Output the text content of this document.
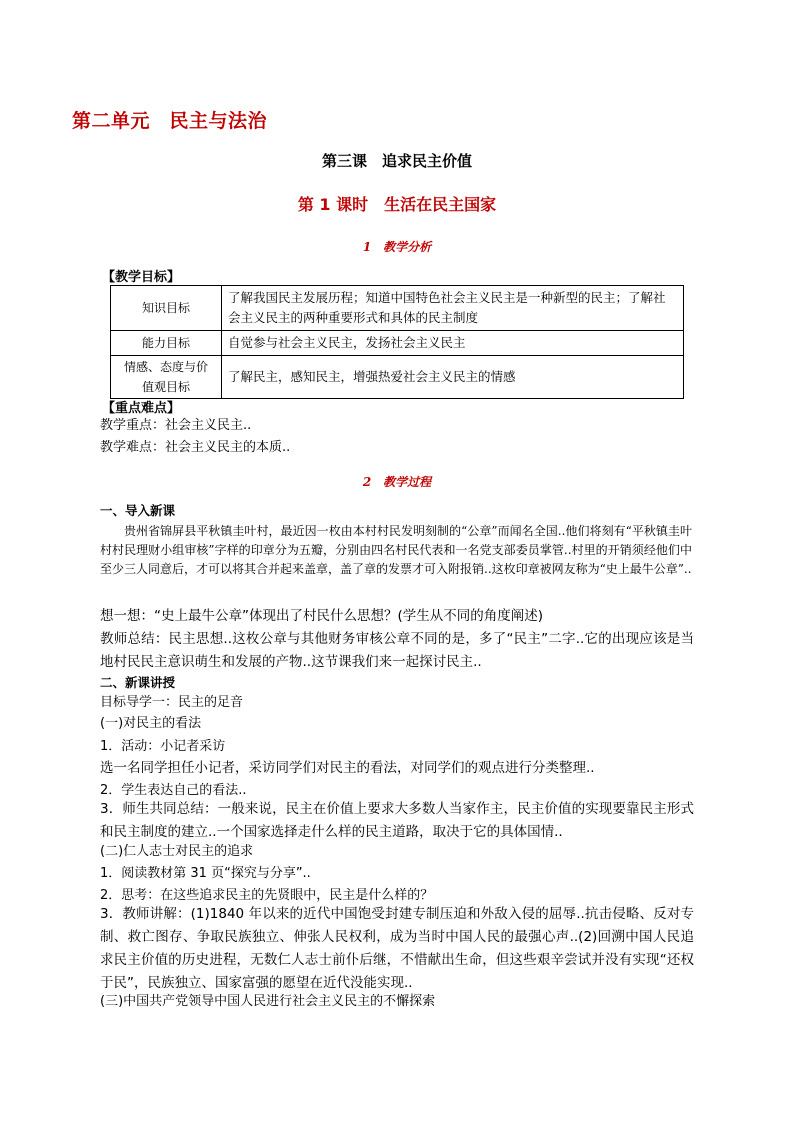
第二单元　民主与法治
第三课　追求民主价值
第 1 课时　生活在民主国家
1　教学分析
【教学目标】
知识目标	了解我国民主发展历程；知道中国特色社会主义民主是一种新型的民主；了解社会主义民主的两种重要形式和具体的民主制度
能力目标	自觉参与社会主义民主，发扬社会主义民主
情感、态度与价值观目标	了解民主，感知民主，增强热爱社会主义民主的情感
【重点难点】
教学重点：社会主义民主..
教学难点：社会主义民主的本质..
2　教学过程
一、导入新课
贵州省锦屏县平秋镇圭叶村，最近因一枚由本村村民发明刻制的“公章”而闻名全国..他们将刻有“平秋镇圭叶村村民理财小组审核”字样的印章分为五瓣，分别由四名村民代表和一名党支部委员掌管..村里的开销须经他们中至少三人同意后，才可以将其合并起来盖章，盖了章的发票才可入附报销..这枚印章被网友称为“史上最牛公章”..
想一想：“史上最牛公章”体现出了村民什么思想？(学生从不同的角度阐述)
教师总结：民主思想..这枚公章与其他财务审核公章不同的是，多了“民主”二字..它的出现应该是当地村民民主意识萌生和发展的产物..这节课我们来一起探讨民主..
二、新课讲授
目标导学一：民主的足音
(一)对民主的看法
1．活动：小记者采访
选一名同学担任小记者，采访同学们对民主的看法，对同学们的观点进行分类整理..
2．学生表达自己的看法..
3．师生共同总结：一般来说，民主在价值上要求大多数人当家作主，民主价值的实现要靠民主形式和民主制度的建立..一个国家选择走什么样的民主道路，取决于它的具体国情..
(二)仁人志士对民主的追求
1．阅读教材第 31 页“探究与分享”..
2．思考：在这些追求民主的先贤眼中，民主是什么样的？
3．教师讲解：(1)1840 年以来的近代中国饱受封建专制压迫和外敌入侵的屈辱..抗击侵略、反对专制、救亡图存、争取民族独立、伸张人民权利，成为当时中国人民的最强心声..(2)回溯中国人民追求民主价值的历史进程，无数仁人志士前仆后继，不惜献出生命，但这些艰辛尝试并没有实现“还权于民”，民族独立、国家富强的愿望在近代没能实现..
(三)中国共产党领导中国人民进行社会主义民主的不懈探索
